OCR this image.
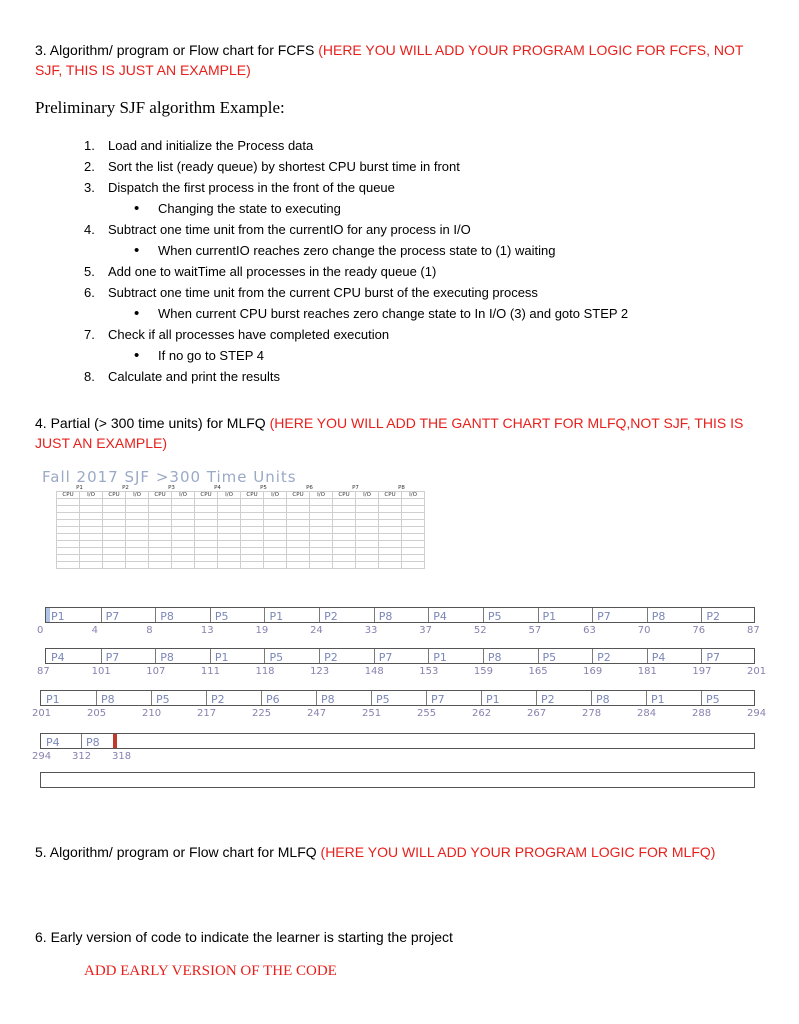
3. Algorithm/ program or Flow chart for FCFS (HERE YOU WILL ADD YOUR PROGRAM LOGIC FOR FCFS, NOT SJF, THIS IS JUST AN EXAMPLE)
Preliminary SJF algorithm Example:
1. Load and initialize the Process data
2. Sort the list (ready queue) by shortest CPU burst time in front
3. Dispatch the first process in the front of the queue
• Changing the state to executing
4. Subtract one time unit from the currentIO for any process in I/O
• When currentIO reaches zero change the process state to (1) waiting
5. Add one to waitTime all processes in the ready queue (1)
6. Subtract one time unit from the current CPU burst of the executing process
• When current CPU burst reaches zero change state to In I/O (3) and goto STEP 2
7. Check if all processes have completed execution
• If no go to STEP 4
8. Calculate and print the results
4. Partial (> 300 time units) for MLFQ (HERE YOU WILL ADD THE GANTT CHART FOR MLFQ,NOT SJF, THIS IS JUST AN EXAMPLE)
Fall 2017 SJF >300 Time Units
P1		P2		P3		P4		P5		P6		P7		P8	
CPU	I/O	CPU	I/O	CPU	I/O	CPU	I/O	CPU	I/O	CPU	I/O	CPU	I/O	CPU	I/O

P1	P7	P8	P5	P1	P2	P8	P4	P5	P1	P7	P8	P2
P4	P7	P8	P1	P5	P2	P7	P1	P8	P5	P2	P4	P7
P1	P8	P5	P2	P6	P8	P5	P7	P1	P2	P8	P1	P5
P4 P8
5. Algorithm/ program or Flow chart for MLFQ (HERE YOU WILL ADD YOUR PROGRAM LOGIC FOR MLFQ)
6. Early version of code to indicate the learner is starting the project
ADD EARLY VERSION OF THE CODE
0	4	8	13	19	24	33	37	52	57	63	70	76	87
87	101	107	111	118	123	148	153	159	165	169	181	197	201
201	205	210	217	225	247	251	255	262	267	278	284	288	294
294 312 318
